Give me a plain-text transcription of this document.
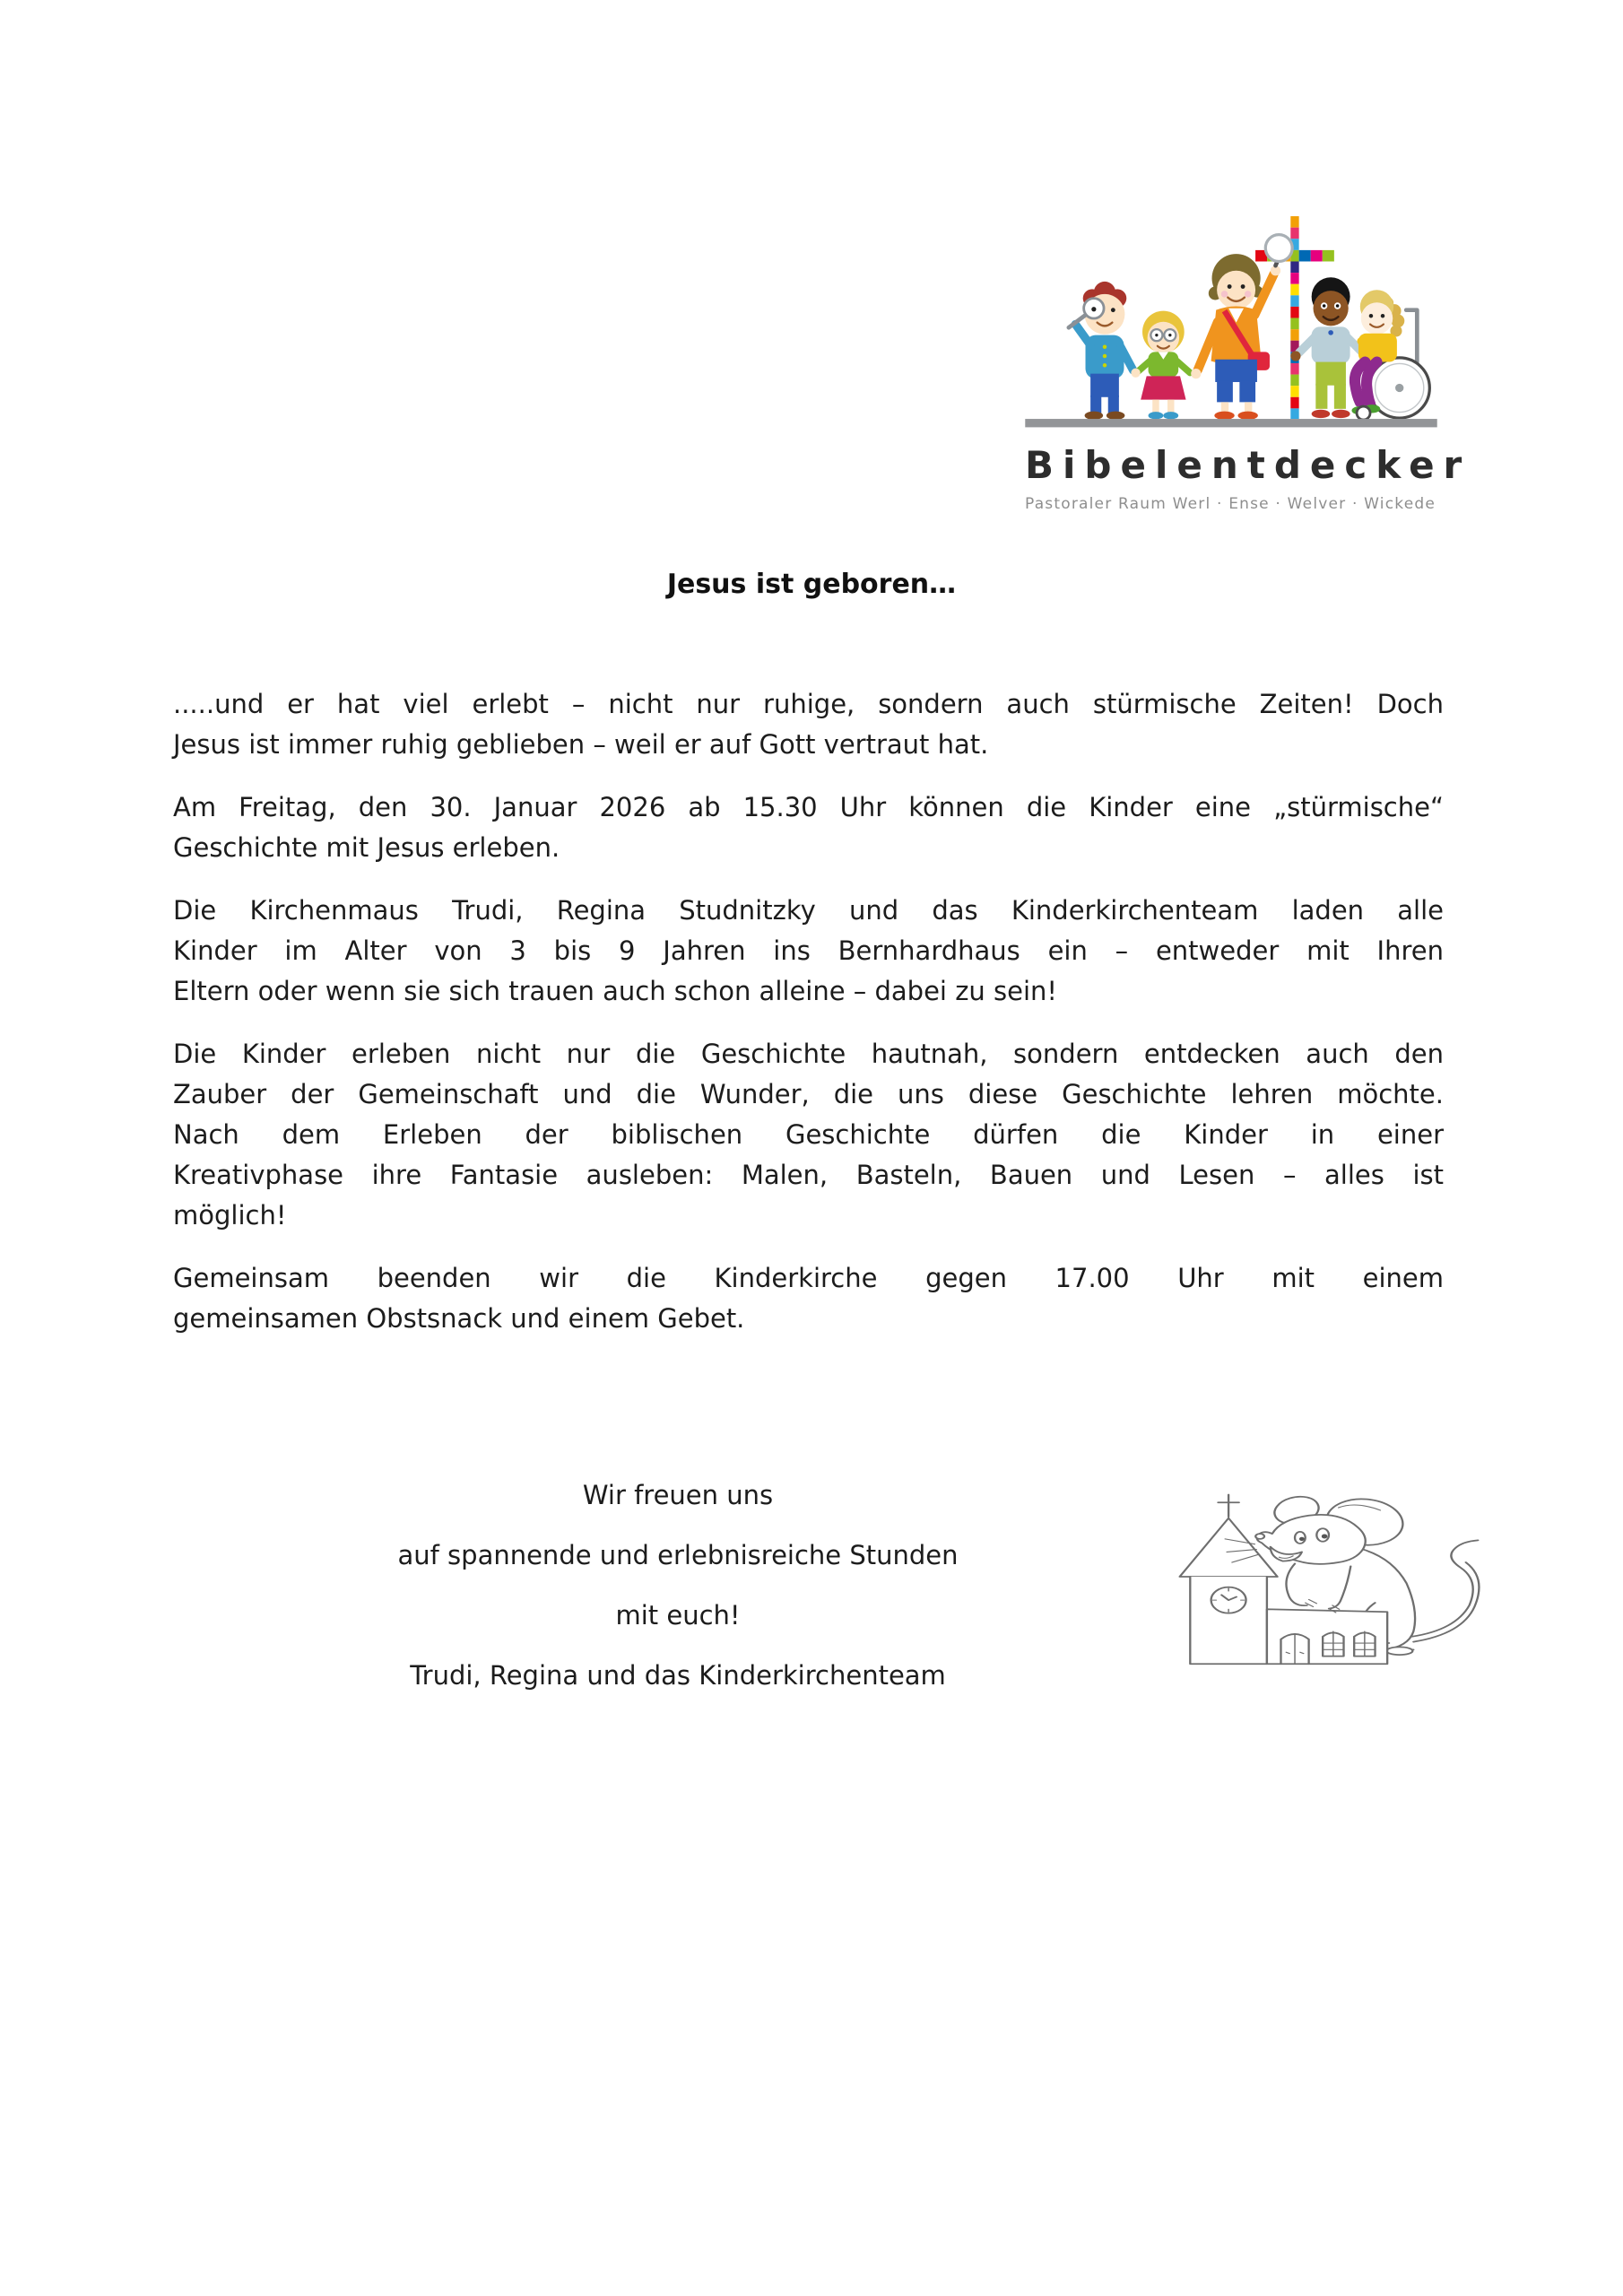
Bibelentdecker
Pastoraler Raum Werl · Ense · Welver · Wickede
Jesus ist geboren…
.....und er hat viel erlebt – nicht nur ruhige, sondern auch stürmische Zeiten! Doch
Jesus ist immer ruhig geblieben – weil er auf Gott vertraut hat.
Am Freitag, den 30. Januar 2026 ab 15.30 Uhr können die Kinder eine „stürmische“
Geschichte mit Jesus erleben.
Die Kirchenmaus Trudi, Regina Studnitzky und das Kinderkirchenteam laden alle
Kinder im Alter von 3 bis 9 Jahren ins Bernhardhaus ein – entweder mit Ihren
Eltern oder wenn sie sich trauen auch schon alleine – dabei zu sein!
Die Kinder erleben nicht nur die Geschichte hautnah, sondern entdecken auch den
Zauber der Gemeinschaft und die Wunder, die uns diese Geschichte lehren möchte.
Nach dem Erleben der biblischen Geschichte dürfen die Kinder in einer
Kreativphase ihre Fantasie ausleben: Malen, Basteln, Bauen und Lesen – alles ist
möglich!
Gemeinsam beenden wir die Kinderkirche gegen 17.00 Uhr mit einem
gemeinsamen Obstsnack und einem Gebet.
Wir freuen uns
auf spannende und erlebnisreiche Stunden
mit euch!
Trudi, Regina und das Kinderkirchenteam
